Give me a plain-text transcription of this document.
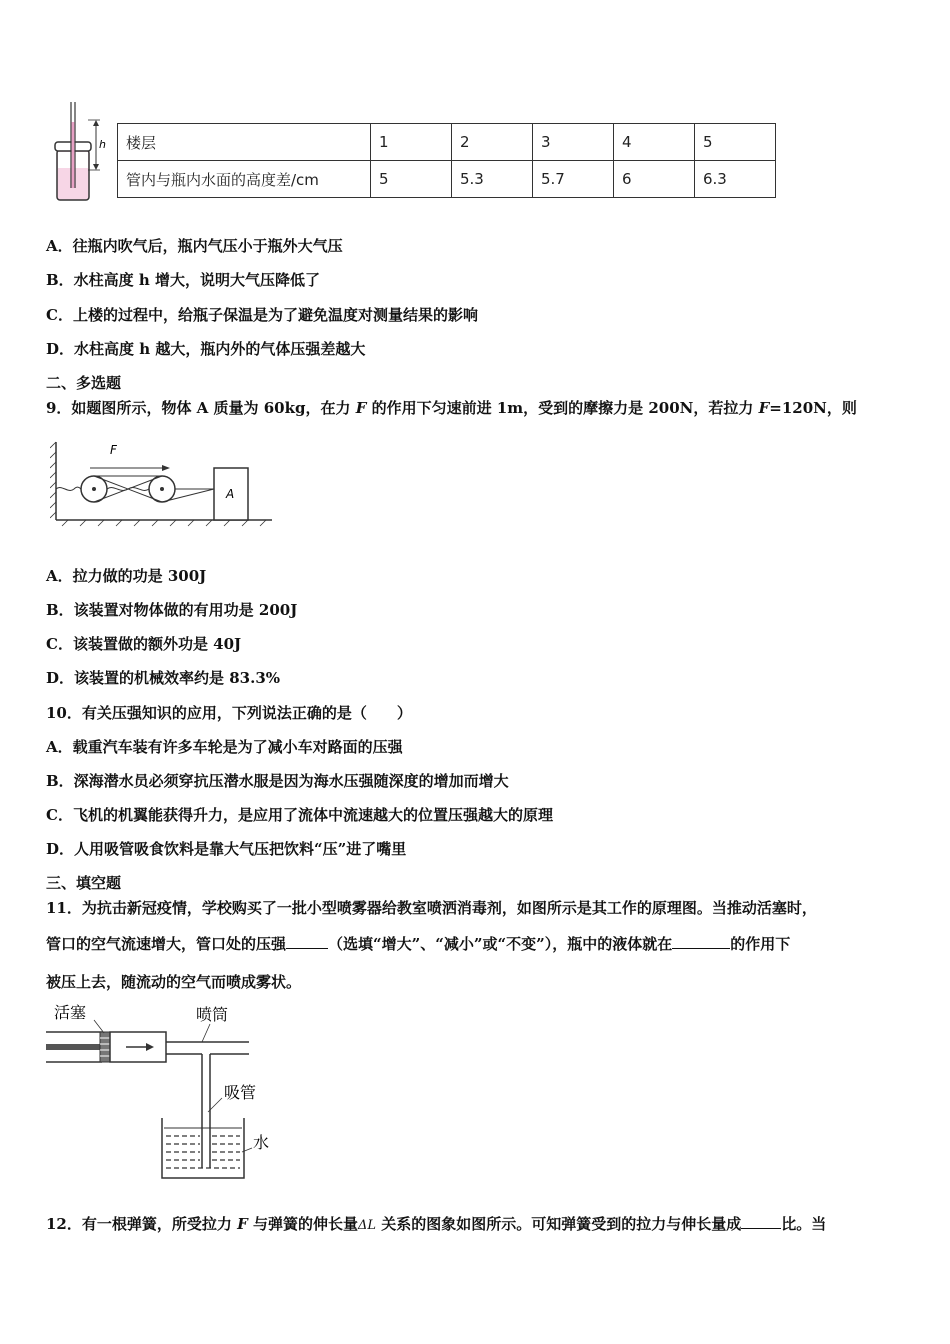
h 楼层	1	2	3	4	5
管内与瓶内水面的高度差/cm	5	5.3	5.7	6	6.3
A．往瓶内吹气后，瓶内气压小于瓶外大气压
B．水柱高度 h 增大，说明大气压降低了
C．上楼的过程中，给瓶子保温是为了避免温度对测量结果的影响
D．水柱高度 h 越大，瓶内外的气体压强差越大
二、多选题
9．如题图所示，物体 A 质量为 60kg，在力 F 的作用下匀速前进 1m，受到的摩擦力是 200N，若拉力 F=120N，则
F
A
A．拉力做的功是 300J
B．该装置对物体做的有用功是 200J
C．该装置做的额外功是 40J
D．该装置的机械效率约是 83.3%
10．有关压强知识的应用，下列说法正确的是（　　）
A．载重汽车装有许多车轮是为了减小车对路面的压强
B．深海潜水员必须穿抗压潜水服是因为海水压强随深度的增加而增大
C．飞机的机翼能获得升力，是应用了流体中流速越大的位置压强越大的原理
D．人用吸管吸食饮料是靠大气压把饮料“压”进了嘴里
三、填空题
11．为抗击新冠疫情，学校购买了一批小型喷雾器给教室喷洒消毒剂，如图所示是其工作的原理图。当推动活塞时，
管口的空气流速增大，管口处的压强	（选填“增大”、“减小”或“不变”），瓶中的液体就在	的作用下
被压上去，随流动的空气而喷成雾状。
活塞	喷筒
吸管
水
12．有一根弹簧，所受拉力 F 与弹簧的伸长量ΔL 关系的图象如图所示。可知弹簧受到的拉力与伸长量成	比。当
